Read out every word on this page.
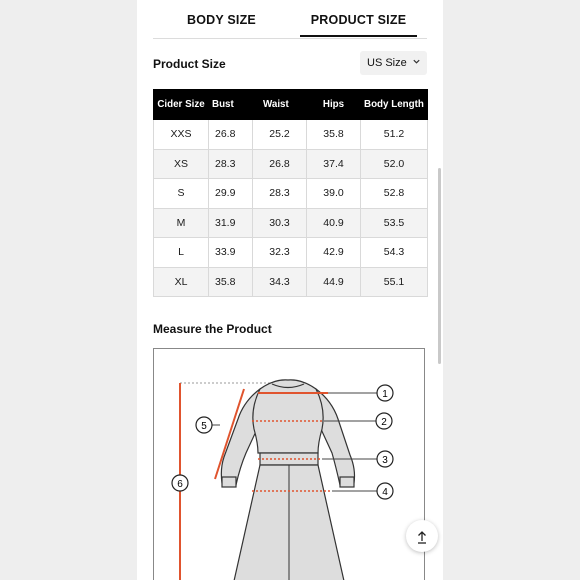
BODY SIZE	PRODUCT SIZE
Product Size	US Size
Cider Size	Bust	Waist	Hips	Body Length
XXS	26.8	25.2	35.8	51.2
XS	28.3	26.8	37.4	52.0
S	29.9	28.3	39.0	52.8
M	31.9	30.3	40.9	53.5
L	33.9	32.3	42.9	54.3
XL	35.8	34.3	44.9	55.1
Measure the Product
1
2
3
4
5
6
